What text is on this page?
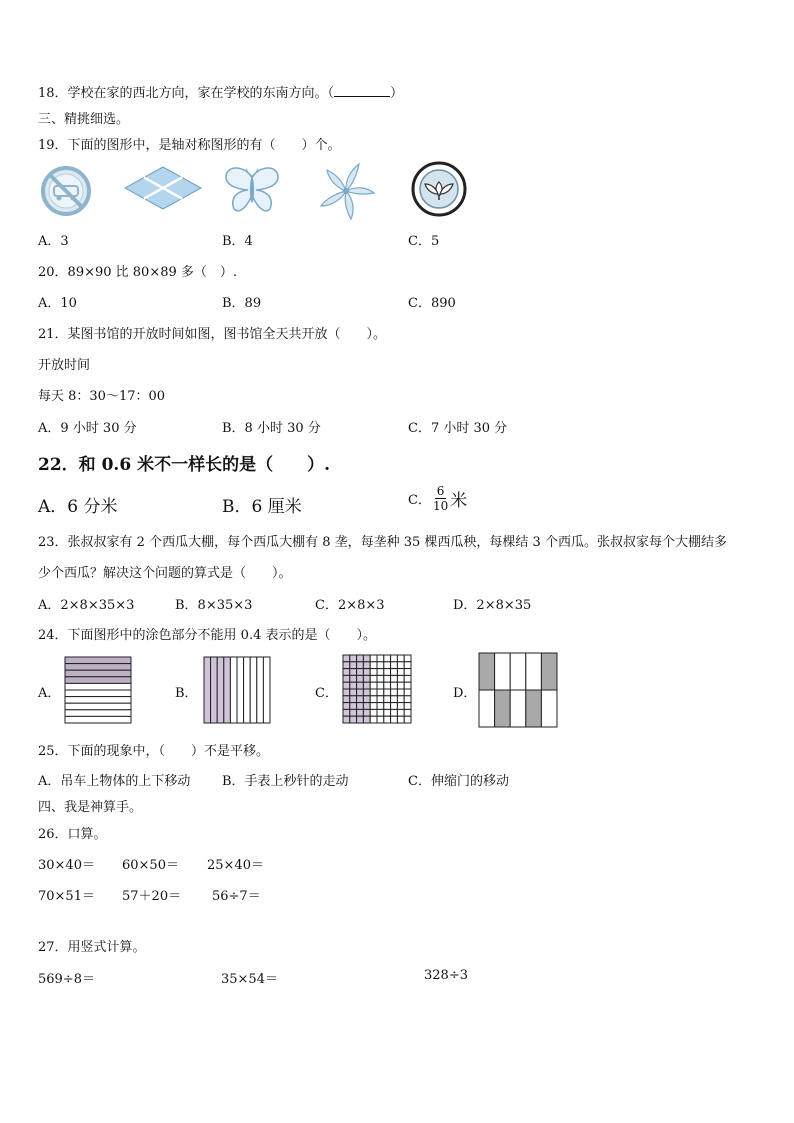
18．学校在家的西北方向，家在学校的东南方向。（	）
三、精挑细选。
19．下面的图形中，是轴对称图形的有（　　）个。
A．3	B．4	C．5
20．89×90 比 80×89 多（　）.
A．10	B．89	C．890
21．某图书馆的开放时间如图，图书馆全天共开放（　　）。
开放时间
每天 8：30～17：00
A．9 小时 30 分	B．8 小时 30 分	C．7 小时 30 分
22．和 0.6 米不一样长的是（　　）.
A．6 分米	B．6 厘米	C． $\frac{6}{10}$ 米
23．张叔叔家有 2 个西瓜大棚，每个西瓜大棚有 8 垄，每垄种 35 棵西瓜秧，每棵结 3 个西瓜。张叔叔家每个大棚结多
少个西瓜？解决这个问题的算式是（　　）。
A．2×8×35×3	B．8×35×3	C．2×8×3	D．2×8×35
24．下面图形中的涂色部分不能用 0.4 表示的是（　　）。
A．	B．	C．	D．
25．下面的现象中，（　　）不是平移。
A．吊车上物体的上下移动 B．手表上秒针的走动	C．伸缩门的移动
四、我是神算手。
26．口算。
30×40＝ 60×50＝ 25×40＝
70×51＝ 57＋20＝ 56÷7＝
27．用竖式计算。
569÷8＝	35×54＝	328÷3
